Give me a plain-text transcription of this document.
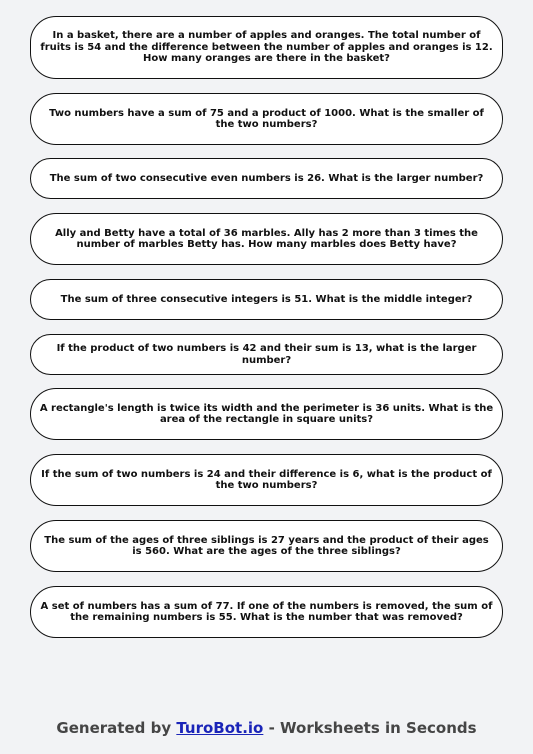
In a basket, there are a number of apples and oranges. The total number of fruits is 54 and the difference between the number of apples and oranges is 12. How many oranges are there in the basket?
Two numbers have a sum of 75 and a product of 1000. What is the smaller of the two numbers?
The sum of two consecutive even numbers is 26. What is the larger number?
Ally and Betty have a total of 36 marbles. Ally has 2 more than 3 times the number of marbles Betty has. How many marbles does Betty have?
The sum of three consecutive integers is 51. What is the middle integer?
If the product of two numbers is 42 and their sum is 13, what is the larger number?
A rectangle's length is twice its width and the perimeter is 36 units. What is the area of the rectangle in square units?
If the sum of two numbers is 24 and their difference is 6, what is the product of the two numbers?
The sum of the ages of three siblings is 27 years and the product of their ages is 560. What are the ages of the three siblings?
A set of numbers has a sum of 77. If one of the numbers is removed, the sum of the remaining numbers is 55. What is the number that was removed?
Generated by TuroBot.io - Worksheets in Seconds
